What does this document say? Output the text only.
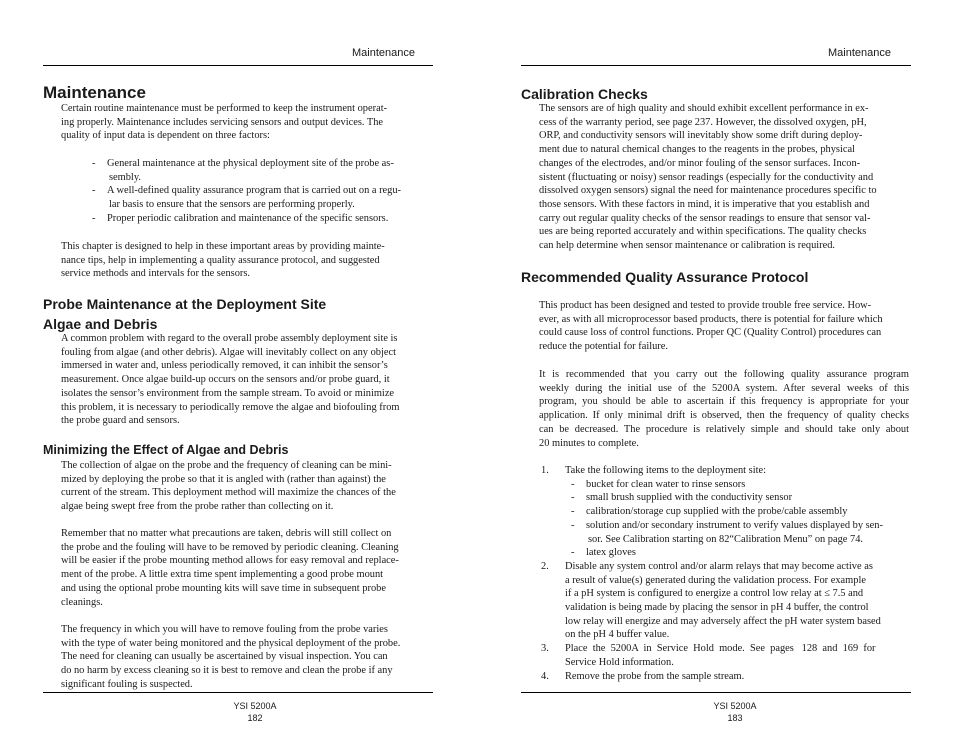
Maintenance
Maintenance
Certain routine maintenance must be performed to keep the instrument operat-
ing properly. Maintenance includes servicing sensors and output devices. The
quality of input data is dependent on three factors:
- General maintenance at the physical deployment site of the probe as-
sembly.
- A well-defined quality assurance program that is carried out on a regu-
lar basis to ensure that the sensors are performing properly.
- Proper periodic calibration and maintenance of the specific sensors.
This chapter is designed to help in these important areas by providing mainte-
nance tips, help in implementing a quality assurance protocol, and suggested
service methods and intervals for the sensors.
Probe Maintenance at the Deployment Site
Algae and Debris
A common problem with regard to the overall probe assembly deployment site is
fouling from algae (and other debris). Algae will inevitably collect on any object
immersed in water and, unless periodically removed, it can inhibit the sensor’s
measurement. Once algae build-up occurs on the sensors and/or probe guard, it
isolates the sensor’s environment from the sample stream. To avoid or minimize
this problem, it is necessary to periodically remove the algae and biofouling from
the probe guard and sensors.
Minimizing the Effect of Algae and Debris
The collection of algae on the probe and the frequency of cleaning can be mini-
mized by deploying the probe so that it is angled with (rather than against) the
current of the stream. This deployment method will maximize the chances of the
algae being swept free from the probe rather than collecting on it.
Remember that no matter what precautions are taken, debris will still collect on
the probe and the fouling will have to be removed by periodic cleaning. Cleaning
will be easier if the probe mounting method allows for easy removal and replace-
ment of the probe. A little extra time spent implementing a good probe mount
and using the optional probe mounting kits will save time in subsequent probe
cleanings.
The frequency in which you will have to remove fouling from the probe varies
with the type of water being monitored and the physical deployment of the probe.
The need for cleaning can usually be ascertained by visual inspection. You can
do no harm by excess cleaning so it is best to remove and clean the probe if any
significant fouling is suspected.
YSI 5200A
182
Maintenance
Calibration Checks
The sensors are of high quality and should exhibit excellent performance in ex-
cess of the warranty period, see page 237. However, the dissolved oxygen, pH,
ORP, and conductivity sensors will inevitably show some drift during deploy-
ment due to natural chemical changes to the reagents in the probes, physical
changes of the electrodes, and/or minor fouling of the sensor surfaces. Incon-
sistent (fluctuating or noisy) sensor readings (especially for the conductivity and
dissolved oxygen sensors) signal the need for maintenance procedures specific to
those sensors. With these factors in mind, it is imperative that you establish and
carry out regular quality checks of the sensor readings to ensure that sensor val-
ues are being reported accurately and within specifications. The quality checks
can help determine when sensor maintenance or calibration is required.
Recommended Quality Assurance Protocol
This product has been designed and tested to provide trouble free service. How-
ever, as with all microprocessor based products, there is potential for failure which
could cause loss of control functions. Proper QC (Quality Control) procedures can
reduce the potential for failure.
It is recommended that you carry out the following quality assurance program
weekly during the initial use of the 5200A system. After several weeks of this
program, you should be able to ascertain if this frequency is appropriate for your
application. If only minimal drift is observed, then the frequency of quality checks
can be decreased. The procedure is relatively simple and should take only about
20 minutes to complete.
1. Take the following items to the deployment site:
- bucket for clean water to rinse sensors
- small brush supplied with the conductivity sensor
- calibration/storage cup supplied with the probe/cable assembly
- solution and/or secondary instrument to verify values displayed by sen-
sor. See Calibration starting on 82“Calibration Menu” on page 74.
- latex gloves
2. Disable any system control and/or alarm relays that may become active as
a result of value(s) generated during the validation process. For example
if a pH system is configured to energize a control low relay at ≤ 7.5 and
validation is being made by placing the sensor in pH 4 buffer, the control
low relay will energize and may adversely affect the pH water system based
on the pH 4 buffer value.
3. Place  the  5200A  in  Service  Hold  mode.  See  pages   128  and  169  for
Service Hold information.
4. Remove the probe from the sample stream.
YSI 5200A
183
